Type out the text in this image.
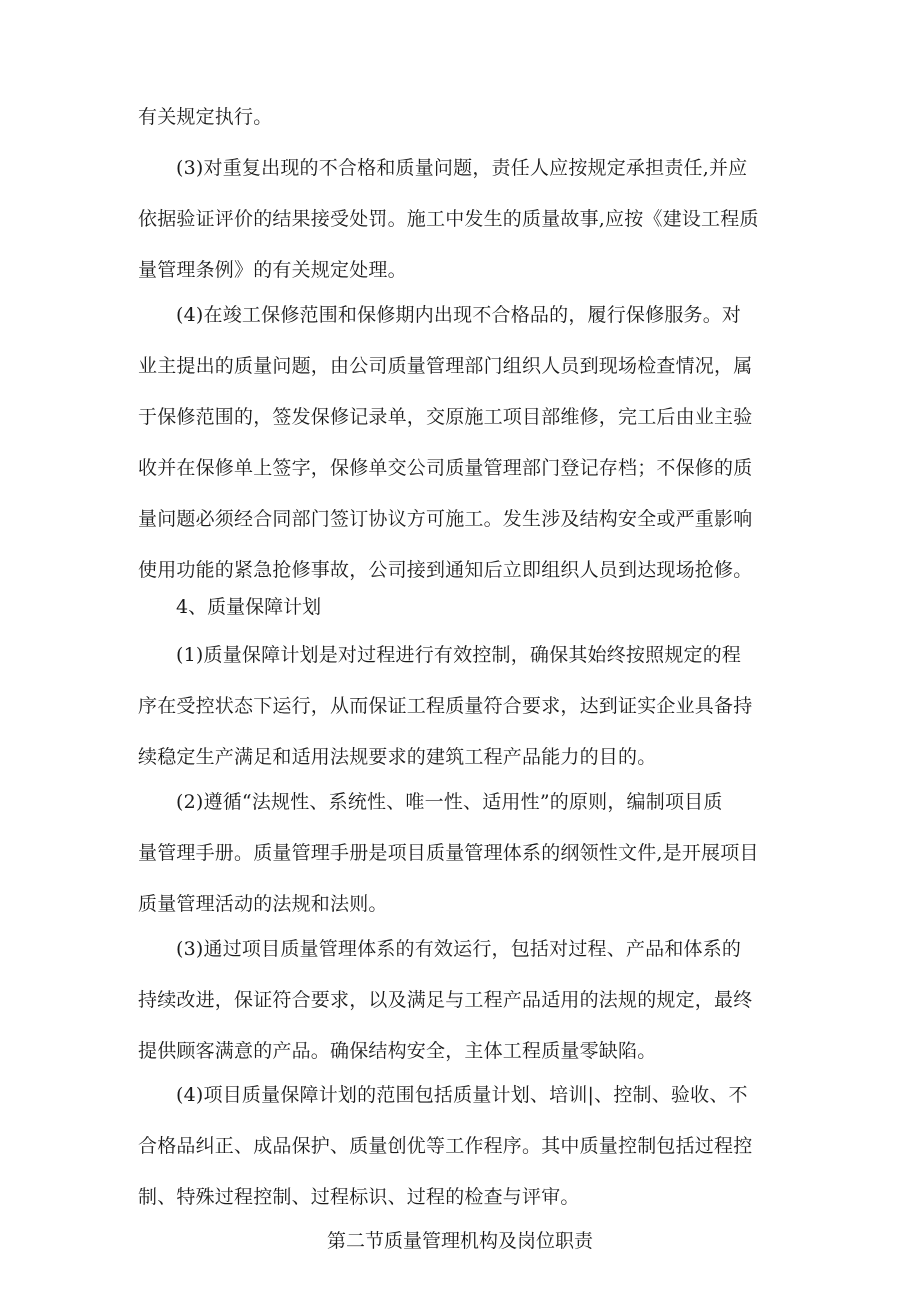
有关规定执行。

(3)对重复出现的不合格和质量问题，责任人应按规定承担责任,并应
依据验证评价的结果接受处罚。施工中发生的质量故事,应按《建设工程质
量管理条例》的有关规定处理。

(4)在竣工保修范围和保修期内出现不合格品的，履行保修服务。对
业主提出的质量问题，由公司质量管理部门组织人员到现场检查情况，属
于保修范围的，签发保修记录单，交原施工项目部维修，完工后由业主验
收并在保修单上签字，保修单交公司质量管理部门登记存档；不保修的质
量问题必须经合同部门签订协议方可施工。发生涉及结构安全或严重影响
使用功能的紧急抢修事故，公司接到通知后立即组织人员到达现场抢修。

4、质量保障计划

(1)质量保障计划是对过程进行有效控制，确保其始终按照规定的程
序在受控状态下运行，从而保证工程质量符合要求，达到证实企业具备持
续稳定生产满足和适用法规要求的建筑工程产品能力的目的。

(2)遵循“法规性、系统性、唯一性、适用性”的原则，编制项目质
量管理手册。质量管理手册是项目质量管理体系的纲领性文件,是开展项目
质量管理活动的法规和法则。

(3)通过项目质量管理体系的有效运行，包括对过程、产品和体系的
持续改进，保证符合要求，以及满足与工程产品适用的法规的规定，最终
提供顾客满意的产品。确保结构安全，主体工程质量零缺陷。

(4)项目质量保障计划的范围包括质量计划、培训|、控制、验收、不
合格品纠正、成品保护、质量创优等工作程序。其中质量控制包括过程控
制、特殊过程控制、过程标识、过程的检查与评审。

第二节质量管理机构及岗位职责
